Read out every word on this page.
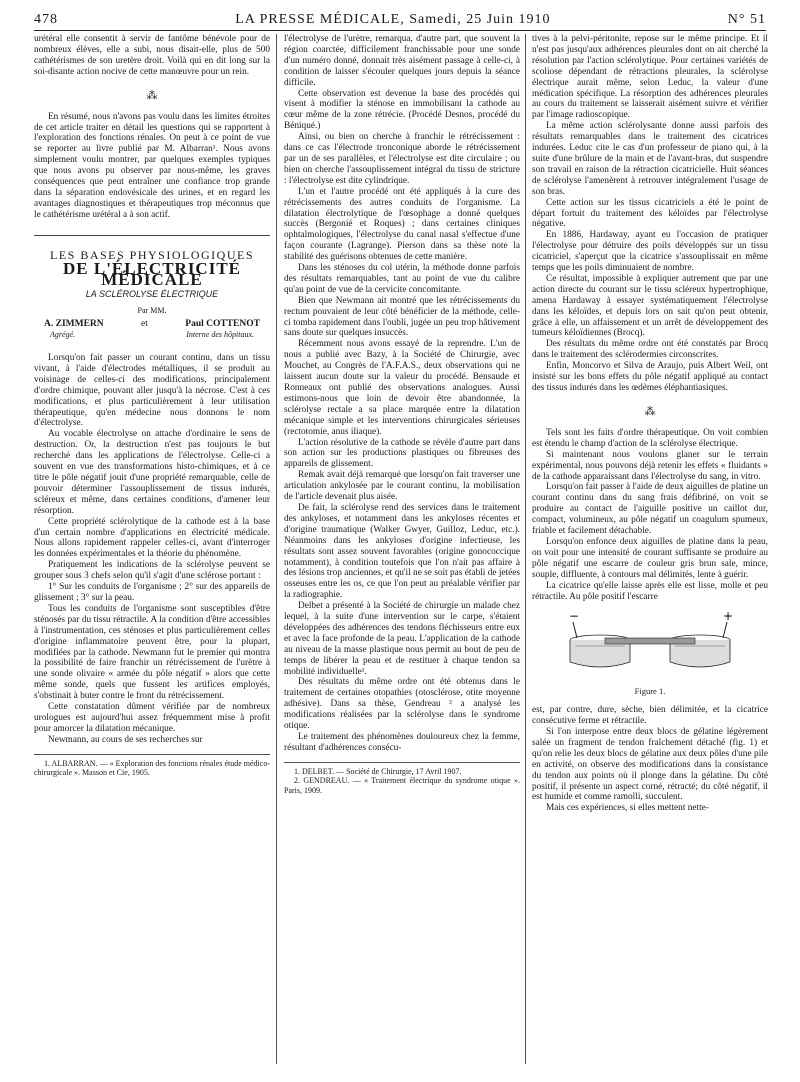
478	LA PRESSE MÉDICALE, Samedi, 25 Juin 1910	N° 51

urétéral elle consentit à servir de fantôme bénévole pour de nombreux élèves, elle a subi, nous disait-elle, plus de 500 cathétérismes de son uretère droit. Voilà qui en dit long sur la soi-disante action nocive de cette manœuvre pour un rein.

⁂

En résumé, nous n'avons pas voulu dans les limites étroites de cet article traiter en détail les questions qui se rapportent à l'exploration des fonctions rénales. On peut à ce point de vue se reporter au livre publié par M. Albarran¹. Nous avons simplement voulu montrer, par quelques exemples typiques que nous avons pu observer par nous-même, les graves conséquences que peut entraîner une confiance trop grande dans la séparation endovésicale des urines, et en regard les avantages diagnostiques et thérapeutiques trop méconnus que le cathétérisme urétéral a à son actif.

LES BASES PHYSIOLOGIQUES
DE L'ÉLECTRICITÉ MÉDICALE
LA SCLÉROLYSE ÉLECTRIQUE
Par MM.
A. ZIMMERN	et	Paul COTTENOT
Agrégé.	Interne des hôpitaux.

Lorsqu'on fait passer un courant continu, dans un tissu vivant, à l'aide d'électrodes métalliques, il se produit au voisinage de celles-ci des modifications, principalement d'ordre chimique, pouvant aller jusqu'à la nécrose. C'est à ces modifications, et plus particulièrement à leur utilisation thérapeutique, qu'en médecine nous donnons le nom d'électrolyse.

Au vocable électrolyse on attache d'ordinaire le sens de destruction. Or, la destruction n'est pas toujours le but recherché dans les applications de l'électrolyse. Celle-ci a souvent en vue des transformations histo-chimiques, et à ce titre le pôle négatif jouit d'une propriété remarquable, celle de pouvoir déterminer l'assouplissement de tissus indurés, scléreux et même, dans certaines conditions, d'amener leur résorption.

Cette propriété sclérolytique de la cathode est à la base d'un certain nombre d'applications en électricité médicale. Nous allons rapidement rappeler celles-ci, avant d'interroger les données expérimentales et la théorie du phénomène.

Pratiquement les indications de la sclérolyse peuvent se grouper sous 3 chefs selon qu'il s'agit d'une sclérose portant :

1° Sur les conduits de l'organisme ; 2° sur des appareils de glissement ; 3° sur la peau.

Tous les conduits de l'organisme sont susceptibles d'être sténosés par du tissu rétractile. A la condition d'être accessibles à l'instrumentation, ces sténoses et plus particulièrement celles d'origine inflammatoire peuvent être, pour la plupart, modifiées par la cathode. Newmann fut le premier qui montra la possibilité de faire franchir un rétrécissement de l'urètre à une sonde olivaire « armée du pôle négatif » alors que cette même sonde, quels que fussent les artifices employés, s'obstinait à buter contre le front du rétrécissement.

Cette constatation dûment vérifiée par de nombreux urologues est aujourd'hui assez fréquemment mise à profit pour amorcer la dilatation mécanique.

Newmann, au cours de ses recherches sur

1. ALBARRAN. — « Exploration des fonctions rénales étude médico-chirurgicale ». Masson et Cie, 1905.

l'électrolyse de l'urètre, remarqua, d'autre part, que souvent la région coarctée, difficilement franchissable pour une sonde d'un numéro donné, donnait très aisément passage à celle-ci, à condition de laisser s'écouler quelques jours depuis la séance difficile.

Cette observation est devenue la base des procédés qui visent à modifier la sténose en immobilisant la cathode au cœur même de la zone rétrécie. (Procédé Desnos, procédé du Béniqué.)

Ainsi, ou bien on cherche à franchir le rétrécissement : dans ce cas l'électrode tronconique aborde le rétrécissement par un de ses parallèles, et l'électrolyse est dite circulaire ; ou bien on cherche l'assouplissement intégral du tissu de stricture : l'électrolyse est dite cylindrique.

L'un et l'autre procédé ont été appliqués à la cure des rétrécissements des autres conduits de l'organisme. La dilatation électrolytique de l'œsophage a donné quelques succès (Bergonié et Roques) ; dans certaines cliniques ophtalmologiques, l'électrolyse du canal nasal s'effectue d'une façon courante (Lagrange). Pierson dans sa thèse note la stabilité des guérisons obtenues de cette manière.

Dans les sténoses du col utérin, la méthode donne parfois des résultats remarquables, tant au point de vue du calibre qu'au point de vue de la cervicite concomitante.

Bien que Newmann ait montré que les rétrécissements du rectum pouvaient de leur côté bénéficier de la méthode, celle-ci tomba rapidement dans l'oubli, jugée un peu trop hâtivement sans doute sur quelques insuccès.

Récemment nous avons essayé de la reprendre. L'un de nous a publié avec Bazy, à la Société de Chirurgie, avec Mouchet, au Congrès de l'A.F.A.S., deux observations qui ne laissent aucun doute sur la valeur du procédé. Bensaude et Ronneaux ont publié des observations analogues. Aussi estimons-nous que loin de devoir être abandonnée, la sclérolyse rectale a sa place marquée entre la dilatation mécanique simple et les interventions chirurgicales sérieuses (rectotomie, anus iliaque).

L'action résolutive de la cathode se révèle d'autre part dans son action sur les productions plastiques ou fibreuses des appareils de glissement.

Remak avait déjà remarqué que lorsqu'on fait traverser une articulation ankylosée par le courant continu, la mobilisation de l'article devenait plus aisée.

De fait, la sclérolyse rend des services dans le traitement des ankyloses, et notamment dans les ankyloses récentes et d'origine traumatique (Walker Gwyer, Guilloz, Leduc, etc.). Néanmoins dans les ankyloses d'origine infectieuse, les résultats sont assez souvent favorables (origine gonococcique notamment), à condition toutefois que l'on n'ait pas affaire à des lésions trop anciennes, et qu'il ne se soit pas établi de jetées osseuses entre les os, ce que l'on peut au préalable vérifier par la radiographie.

Delbet a présenté à la Société de chirurgie un malade chez lequel, à la suite d'une intervention sur le carpe, s'étaient développées des adhérences des tendons fléchisseurs entre eux et avec la face profonde de la peau. L'application de la cathode au niveau de la masse plastique nous permit au bout de peu de temps de libérer la peau et de restituer à chaque tendon sa mobilité individuelle¹.

Des résultats du même ordre ont été obtenus dans le traitement de certaines otopathies (otosclérose, otite moyenne adhésive). Dans sa thèse, Gendreau ² a analysé les modifications réalisées par la sclérolyse dans le syndrome otique.

Le traitement des phénomènes douloureux chez la femme, résultant d'adhérences consécu-

1. DELBET. — Société de Chirurgie, 17 Avril 1907.

2. GENDREAU. — « Traitement électrique du syndrome otique ». Paris, 1909.

tives à la pelvi-péritonite, repose sur le même principe. Et il n'est pas jusqu'aux adhérences pleurales dont on ait cherché la résolution par l'action sclérolytique. Pour certaines variétés de scoliose dépendant de rétractions pleurales, la sclérolyse électrique aurait même, selon Leduc, la valeur d'une médication spécifique. La résorption des adhérences pleurales au cours du traitement se laisserait aisément suivre et vérifier par l'image radioscopique.

La même action sclérolysante donne aussi parfois des résultats remarquables dans le traitement des cicatrices indurées. Leduc cite le cas d'un professeur de piano qui, à la suite d'une brûlure de la main et de l'avant-bras, dut suspendre son travail en raison de la rétraction cicatricielle. Huit séances de sclérolyse l'amenèrent à retrouver intégralement l'usage de son bras.

Cette action sur les tissus cicatriciels a été le point de départ fortuit du traitement des kéloïdes par l'électrolyse négative.

En 1886, Hardaway, ayant eu l'occasion de pratiquer l'électrolyse pour détruire des poils développés sur un tissu cicatriciel, s'aperçut que la cicatrice s'assouplissait en même temps que les poils diminuaient de nombre.

Ce résultat, impossible à expliquer autrement que par une action directe du courant sur le tissu scléreux hypertrophique, amena Hardaway à essayer systématiquement l'électrolyse dans les kéloïdes, et depuis lors on sait qu'on peut obtenir, grâce à elle, un affaissement et un arrêt de développement des tumeurs kéloïdiennes (Brocq).

Des résultats du même ordre ont été constatés par Brocq dans le traitement des sclérodermies circonscrites.

Enfin, Moncorvo et Silva de Araujo, puis Albert Weil, ont insisté sur les bons effets du pôle négatif appliqué au contact des tissus indurés dans les œdèmes éléphantiasiques.

⁂

Tels sont les faits d'ordre thérapeutique. On voit combien est étendu le champ d'action de la sclérolyse électrique.

Si maintenant nous voulons glaner sur le terrain expérimental, nous pouvons déjà retenir les effets « fluidants » de la cathode apparaissant dans l'électrolyse du sang, in vitro.

Lorsqu'on fait passer à l'aide de deux aiguilles de platine un courant continu dans du sang frais défibriné, on voit se produire au contact de l'aiguille positive un caillot dur, compact, volumineux, au pôle négatif un coagulum spumeux, friable et facilement détachable.

Lorsqu'on enfonce deux aiguilles de platine dans la peau, on voit pour une intensité de courant suffisante se produire au pôle négatif une escarre de couleur gris brun sale, mince, souple, diffluente, à contours mal délimités, lente à guérir.

La cicatrice qu'elle laisse après elle est lisse, molle et peu rétractile. Au pôle positif l'escarre

−	+
Figure 1.

est, par contre, dure, sèche, bien délimitée, et la cicatrice consécutive ferme et rétractile.

Si l'on interpose entre deux blocs de gélatine légèrement salée un fragment de tendon fraîchement détaché (fig. 1) et qu'on relie les deux blocs de gélatine aux deux pôles d'une pile en activité, on observe des modifications dans la consistance du tendon aux points où il plonge dans la gélatine. Du côté positif, il présente un aspect corné, rétracté; du côté négatif, il est humide et comme ramolli, succulent.

Mais ces expériences, si elles mettent nette-
